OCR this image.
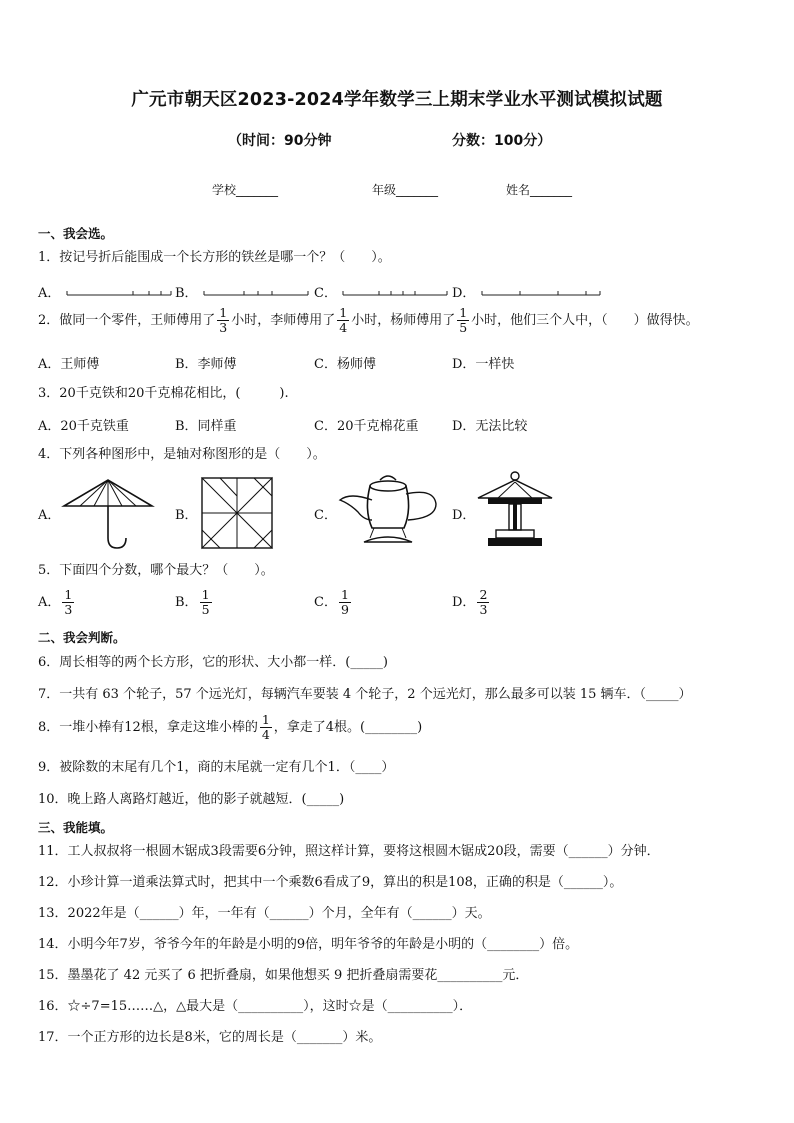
广元市朝天区2023-2024学年数学三上期末学业水平测试模拟试题
（时间：90分钟	分数：100分）
学校_______	年级_______	姓名_______
一、我会选。
1．按记号折后能围成一个长方形的铁丝是哪一个？（　　）。
A．	B．	C．	D．
2．做同一个零件，王师傅用了 $\frac{1}{3}$ 小时，李师傅用了 $\frac{1}{4}$ 小时，杨师傅用了 $\frac{1}{5}$ 小时，他们三个人中，（　　）做得快。
A．王师傅	B．李师傅	C．杨师傅	D．一样快
3．20千克铁和20千克棉花相比，(　　　).
A．20千克铁重	B．同样重	C．20千克棉花重	D．无法比较
4．下列各种图形中，是轴对称图形的是（　　）。
A．	B．	C．	D．
5．下面四个分数，哪个最大？（　　）。
A． $\frac{1}{3}$	B． $\frac{1}{5}$	C． $\frac{1}{9}$	D． $\frac{2}{3}$
二、我会判断。
6．周长相等的两个长方形，它的形状、大小都一样．(_____)
7．一共有 63 个轮子，57 个远光灯，每辆汽车要装 4 个轮子，2 个远光灯，那么最多可以装 15 辆车．（_____）
8．一堆小棒有12根，拿走这堆小棒的 $\frac{1}{4}$ ，拿走了4根。(________)
9．被除数的末尾有几个1，商的末尾就一定有几个1．（____）
10．晚上路人离路灯越近，他的影子就越短．(_____)
三、我能填。
11．工人叔叔将一根圆木锯成3段需要6分钟，照这样计算，要将这根圆木锯成20段，需要（______）分钟．
12．小珍计算一道乘法算式时，把其中一个乘数6看成了9，算出的积是108，正确的积是（______）。
13．2022年是（______）年，一年有（______）个月，全年有（______）天。
14．小明今年7岁，爷爷今年的年龄是小明的9倍，明年爷爷的年龄是小明的（________）倍。
15．墨墨花了 42 元买了 6 把折叠扇，如果他想买 9 把折叠扇需要花__________元．
16．☆÷7=15……△，△最大是（__________），这时☆是（__________）．
17．一个正方形的边长是8米，它的周长是（_______）米。
